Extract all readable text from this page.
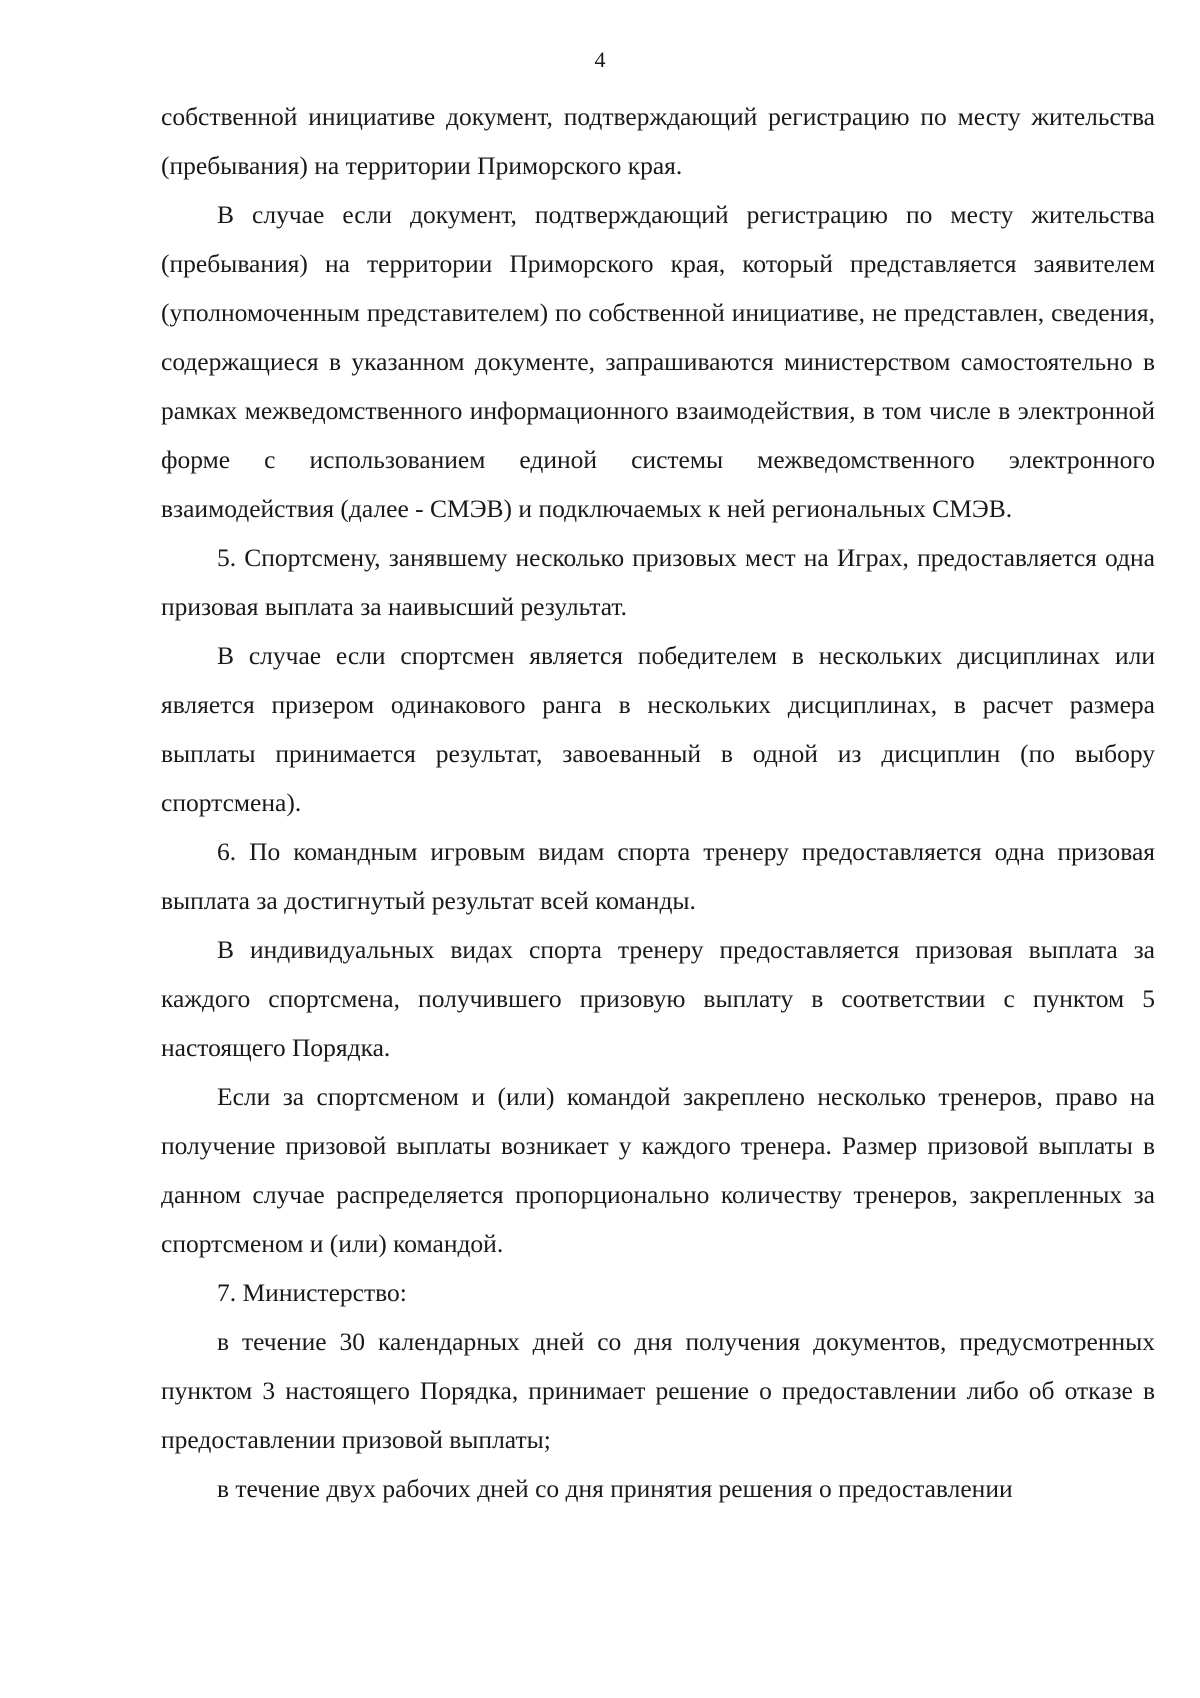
4

собственной инициативе документ, подтверждающий регистрацию по месту жительства (пребывания) на территории Приморского края.

В случае если документ, подтверждающий регистрацию по месту жительства (пребывания) на территории Приморского края, который представляется заявителем (уполномоченным представителем) по собственной инициативе, не представлен, сведения, содержащиеся в указанном документе, запрашиваются министерством самостоятельно в рамках межведомственного информационного взаимодействия, в том числе в электронной форме с использованием единой системы межведомственного электронного взаимодействия (далее - СМЭВ) и подключаемых к ней региональных СМЭВ.

5. Спортсмену, занявшему несколько призовых мест на Играх, предоставляется одна призовая выплата за наивысший результат.

В случае если спортсмен является победителем в нескольких дисциплинах или является призером одинакового ранга в нескольких дисциплинах, в расчет размера выплаты принимается результат, завоеванный в одной из дисциплин (по выбору спортсмена).

6. По командным игровым видам спорта тренеру предоставляется одна призовая выплата за достигнутый результат всей команды.

В индивидуальных видах спорта тренеру предоставляется призовая выплата за каждого спортсмена, получившего призовую выплату в соответствии с пунктом 5 настоящего Порядка.

Если за спортсменом и (или) командой закреплено несколько тренеров, право на получение призовой выплаты возникает у каждого тренера. Размер призовой выплаты в данном случае распределяется пропорционально количеству тренеров, закрепленных за спортсменом и (или) командой.

7. Министерство:

в течение 30 календарных дней со дня получения документов, предусмотренных пунктом 3 настоящего Порядка, принимает решение о предоставлении либо об отказе в предоставлении призовой выплаты;

в течение двух рабочих дней со дня принятия решения о предоставлении
